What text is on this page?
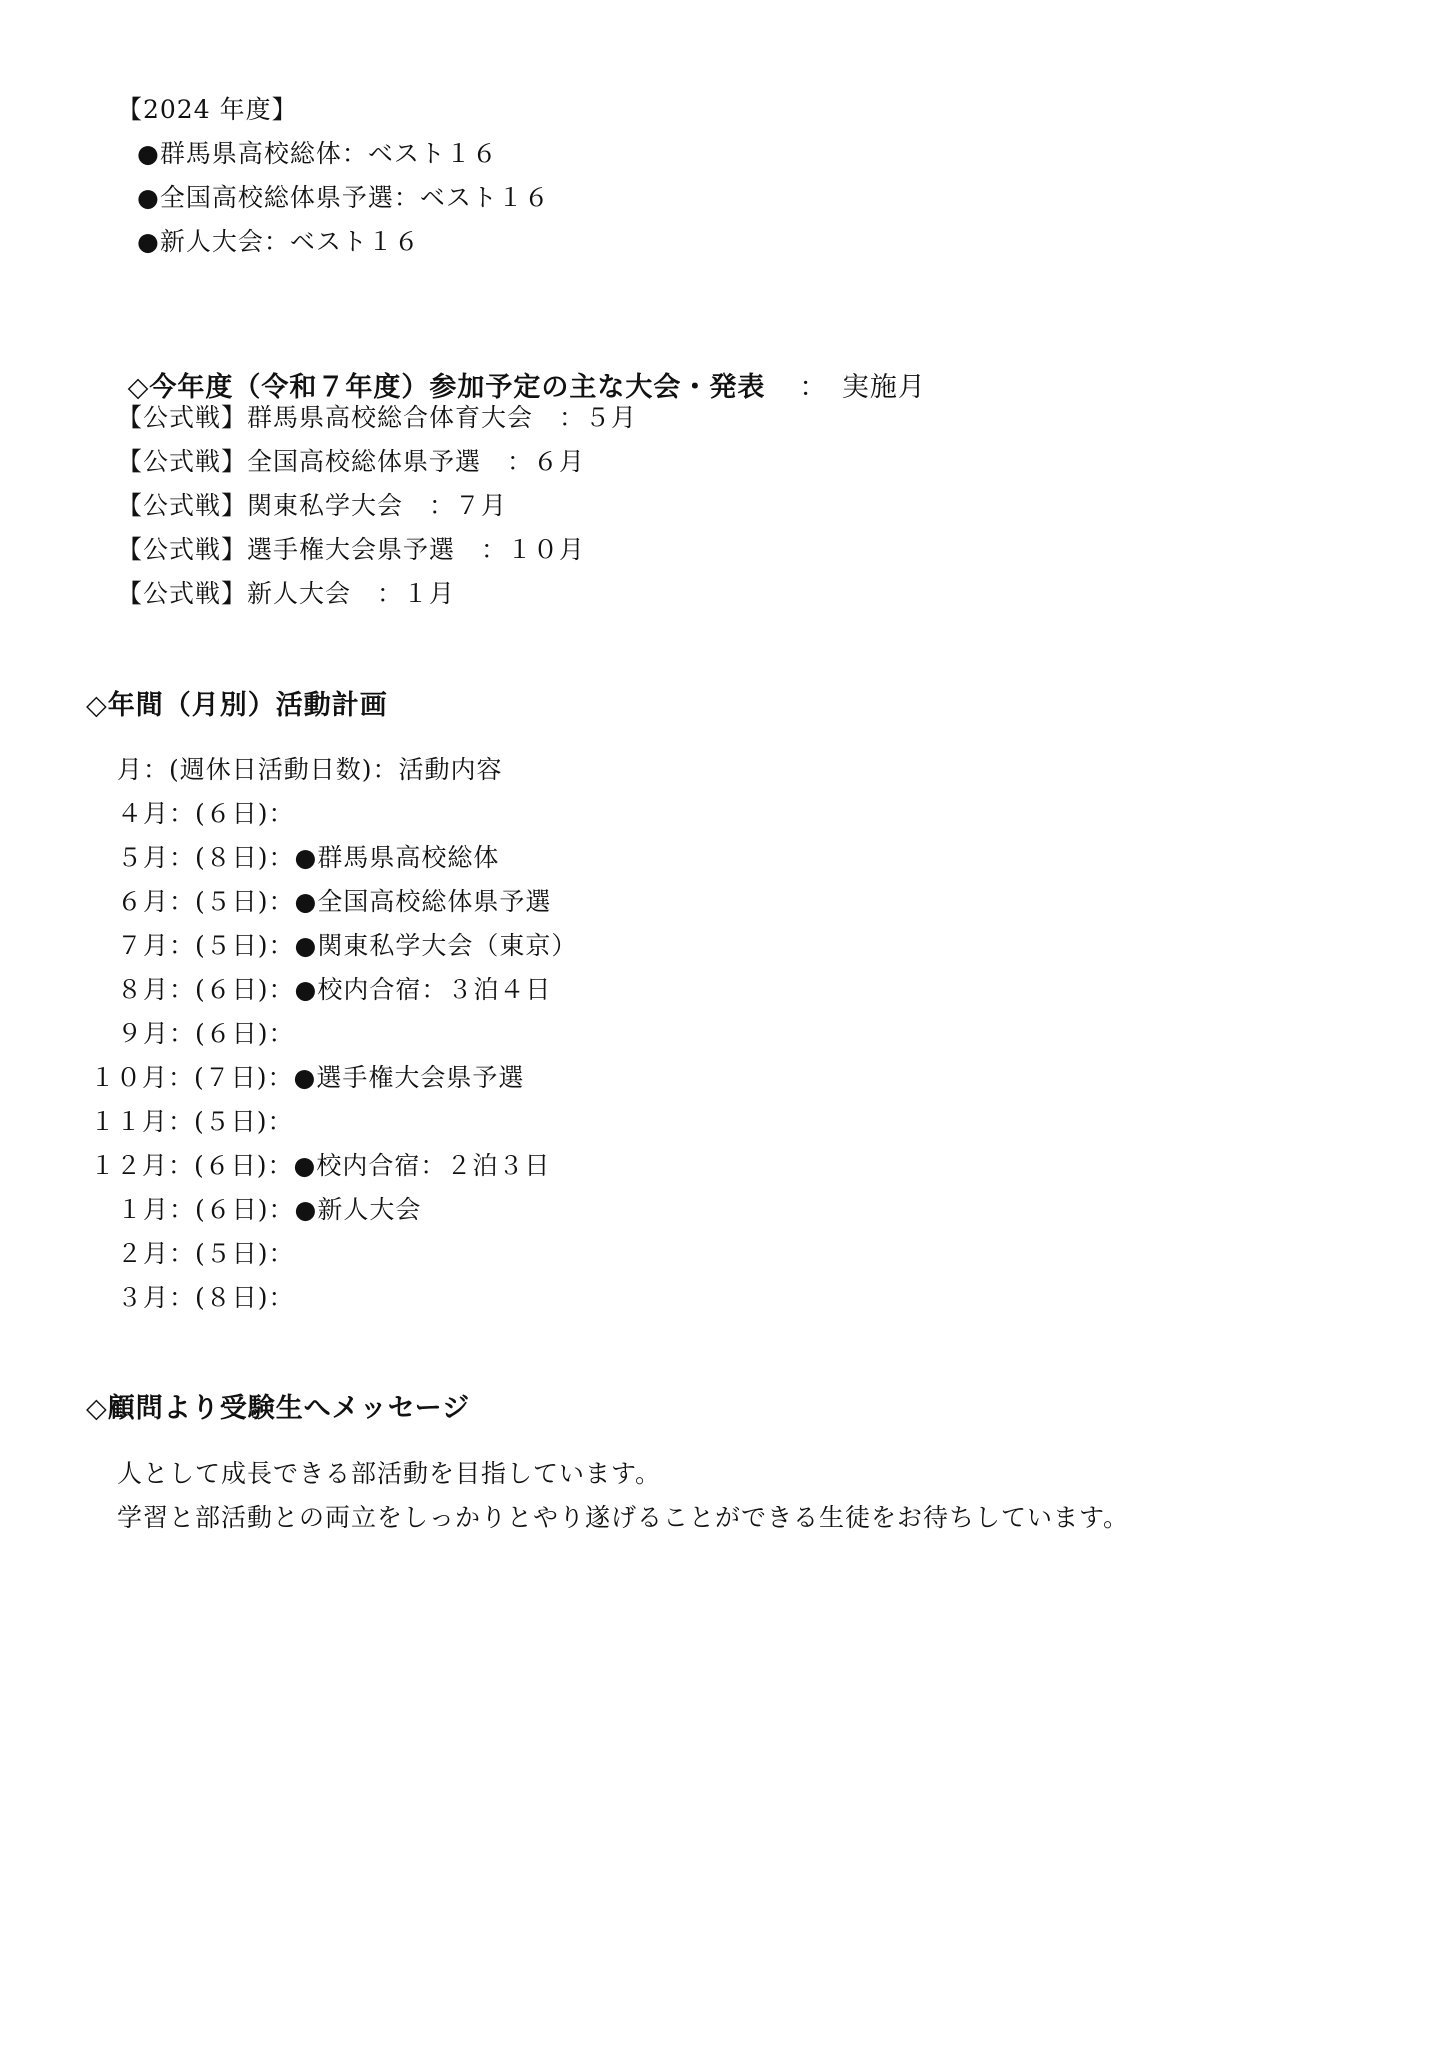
【2024 年度】
●群馬県高校総体：ベスト１６
●全国高校総体県予選：ベスト１６
●新人大会：ベスト１６

◇今年度（令和７年度）参加予定の主な大会・発表 ：　実施月

【公式戦】群馬県高校総合体育大会　：５月
【公式戦】全国高校総体県予選　：６月
【公式戦】関東私学大会　：７月
【公式戦】選手権大会県予選　：１０月
【公式戦】新人大会　：１月
◇年間（月別）活動計画
月：(週休日活動日数)：活動内容
４月：(６日)：
５月：(８日)：●群馬県高校総体
６月：(５日)：●全国高校総体県予選
７月：(５日)：●関東私学大会（東京）
８月：(６日)：●校内合宿：３泊４日
９月：(６日)：
１０月：(７日)：●選手権大会県予選
１１月：(５日)：
１２月：(６日)：●校内合宿：２泊３日
１月：(６日)：●新人大会
２月：(５日)：
３月：(８日)：
◇顧問より受験生へメッセージ
人として成長できる部活動を目指しています。
学習と部活動との両立をしっかりとやり遂げることができる生徒をお待ちしています。
